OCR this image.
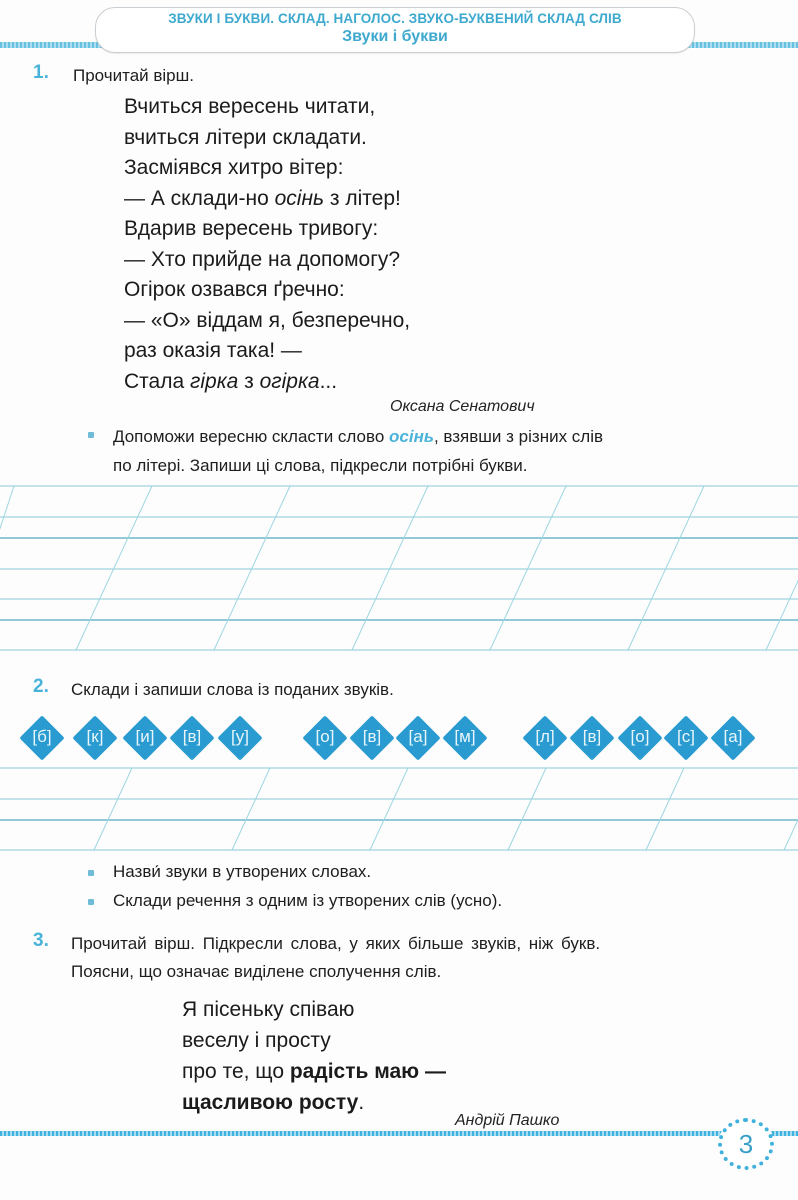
ЗВУКИ І БУКВИ. СКЛАД. НАГОЛОС. ЗВУКО-БУКВЕНИЙ СКЛАД СЛІВ
Звуки і букви
1. Прочитай вірш.
Вчиться вересень читати,
вчиться літери складати.
Засміявся хитро вітер:
— А склади-но осінь з літер!
Вдарив вересень тривогу:
— Хто прийде на допомогу?
Огірок озвався ґречно:
— «О» віддам я, безперечно,
раз оказія така! —
Стала гірка з огірка...
Оксана Сенатович
Допоможи вересню скласти слово осінь, взявши з різних слів
по літері. Запиши ці слова, підкресли потрібні букви.
2. Склади і запиши слова із поданих звуків.
[б]	[к]	[и]	[в]	[у]	[о]	[в]	[а]	[м]	[л]	[в]	[о]	[с]	[а]
Назви́ звуки в утворених словах.
Склади речення з одним із утворених слів (усно).
3. Прочитай вірш. Підкресли слова, у яких більше звуків, ніж букв.
Поясни, що означає виділене сполучення слів.
Я пісеньку співаю
веселу і просту
про те, що радість маю —
щасливою росту.
Андрій Пашко
3
